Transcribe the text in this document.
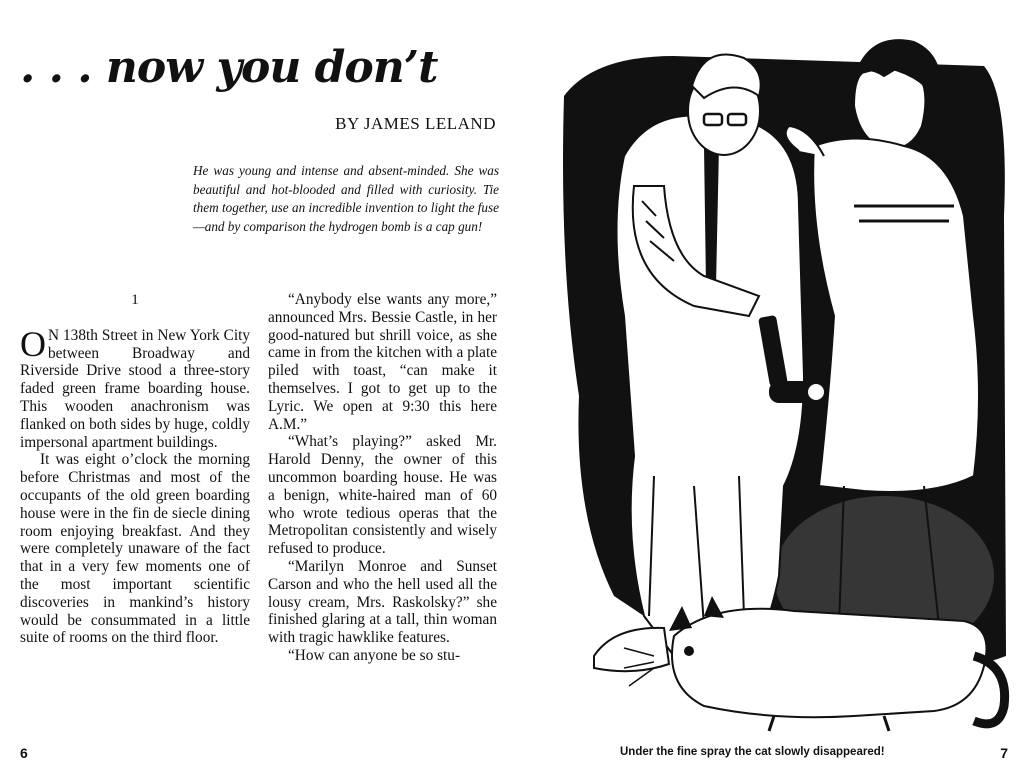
. . . now you don’t
BY JAMES LELAND

He was young and intense and absent-minded. She was beautiful and hot-blooded and filled with curiosity. Tie them together, use an incredible invention to light the fuse—and by comparison the hydrogen bomb is a cap gun!

1

O N 138th Street in New York City between Broadway and Riverside Drive stood a three-story faded green frame boarding house. This wooden anachronism was flanked on both sides by huge, coldly impersonal apartment buildings.

It was eight o’clock the morning before Christmas and most of the occupants of the old green boarding house were in the fin de siecle dining room enjoying breakfast. And they were completely unaware of the fact that in a very few moments one of the most important scientific discoveries in mankind’s history would be consummated in a little suite of rooms on the third floor.

“Anybody else wants any more,” announced Mrs. Bessie Castle, in her good-natured but shrill voice, as she came in from the kitchen with a plate piled with toast, “can make it themselves. I got to get up to the Lyric. We open at 9:30 this here A.M.”

“What’s playing?” asked Mr. Harold Denny, the owner of this uncommon boarding house. He was a benign, white-haired man of 60 who wrote tedious operas that the Metropolitan consistently and wisely refused to produce.

“Marilyn Monroe and Sunset Carson and who the hell used all the lousy cream, Mrs. Raskolsky?” she finished glaring at a tall, thin woman with tragic hawklike features.

“How can anyone be so stu-

6	Under the fine spray the cat slowly disappeared!	7
